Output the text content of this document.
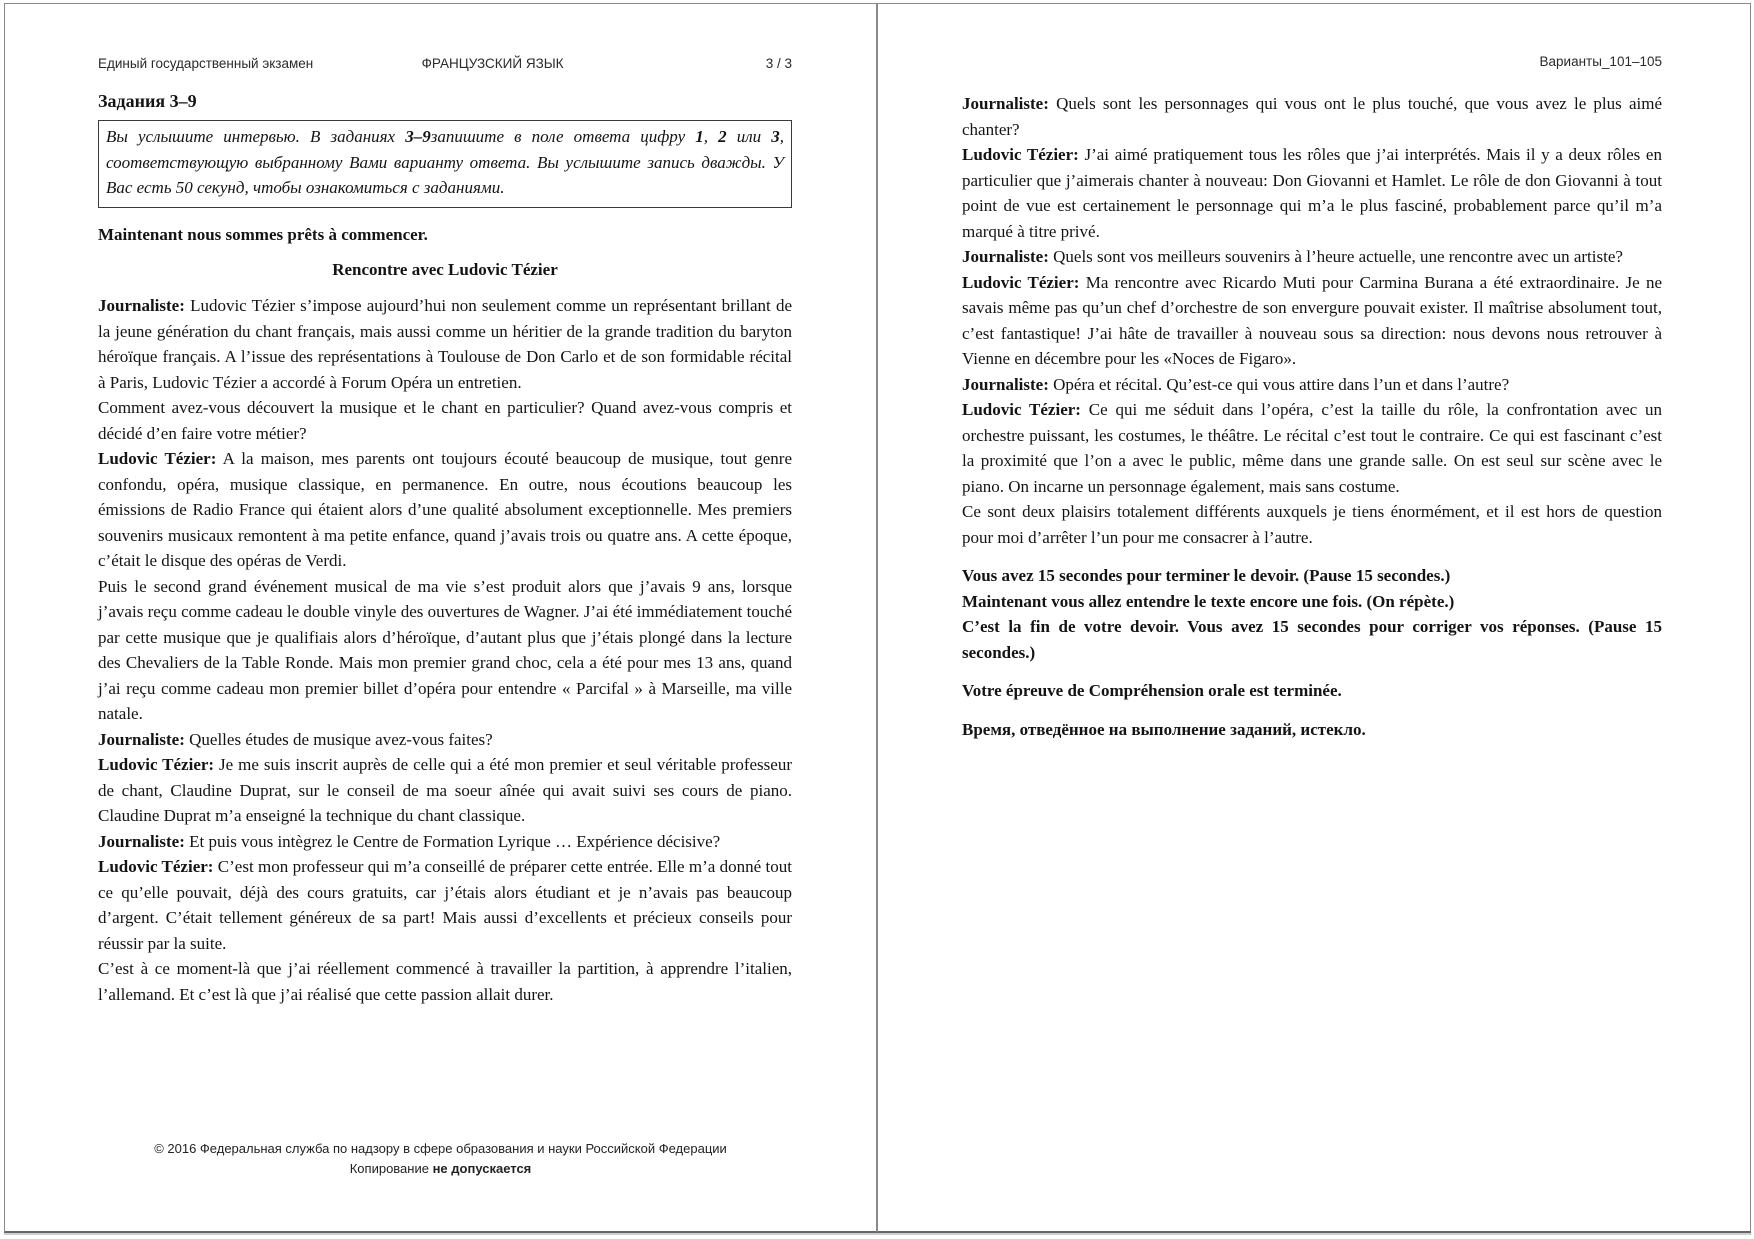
Единый государственный экзамен	ФРАНЦУЗСКИЙ ЯЗЫК	3 / 3
Задания 3–9
Вы услышите интервью. В заданиях 3–9запишите в поле ответа цифру 1, 2 или 3, соответствующую выбранному Вами варианту ответа. Вы услышите запись дважды. У Вас есть 50 секунд, чтобы ознакомиться с заданиями.

Maintenant nous sommes prêts à commencer.

Rencontre avec Ludovic Tézier

Journaliste: Ludovic Tézier s’impose aujourd’hui non seulement comme un représentant brillant de la jeune génération du chant français, mais aussi comme un héritier de la grande tradition du baryton héroïque français. A l’issue des représentations à Toulouse de Don Carlo et de son formidable récital à Paris, Ludovic Tézier a accordé à Forum Opéra un entretien.

Comment avez-vous découvert la musique et le chant en particulier? Quand avez-vous compris et décidé d’en faire votre métier?

Ludovic Tézier: A la maison, mes parents ont toujours écouté beaucoup de musique, tout genre confondu, opéra, musique classique, en permanence. En outre, nous écoutions beaucoup les émissions de Radio France qui étaient alors d’une qualité absolument exceptionnelle. Mes premiers souvenirs musicaux remontent à ma petite enfance, quand j’avais trois ou quatre ans. A cette époque, c’était le disque des opéras de Verdi.

Puis le second grand événement musical de ma vie s’est produit alors que j’avais 9 ans, lorsque j’avais reçu comme cadeau le double vinyle des ouvertures de Wagner. J’ai été immédiatement touché par cette musique que je qualifiais alors d’héroïque, d’autant plus que j’étais plongé dans la lecture des Chevaliers de la Table Ronde. Mais mon premier grand choc, cela a été pour mes 13 ans, quand j’ai reçu comme cadeau mon premier billet d’opéra pour entendre « Parcifal » à Marseille, ma ville natale.

Journaliste: Quelles études de musique avez-vous faites?

Ludovic Tézier: Je me suis inscrit auprès de celle qui a été mon premier et seul véritable professeur de chant, Claudine Duprat, sur le conseil de ma soeur aînée qui avait suivi ses cours de piano. Claudine Duprat m’a enseigné la technique du chant classique.

Journaliste: Et puis vous intègrez le Centre de Formation Lyrique … Expérience décisive?

Ludovic Tézier: C’est mon professeur qui m’a conseillé de préparer cette entrée. Elle m’a donné tout ce qu’elle pouvait, déjà des cours gratuits, car j’étais alors étudiant et je n’avais pas beaucoup d’argent. C’était tellement généreux de sa part! Mais aussi d’excellents et précieux conseils pour réussir par la suite.

C’est à ce moment-là que j’ai réellement commencé à travailler la partition, à apprendre l’italien, l’allemand. Et c’est là que j’ai réalisé que cette passion allait durer.

© 2016 Федеральная служба по надзору в сфере образования и науки Российской Федерации
Копирование не допускается
Варианты_101–105

Journaliste: Quels sont les personnages qui vous ont le plus touché, que vous avez le plus aimé chanter?

Ludovic Tézier: J’ai aimé pratiquement tous les rôles que j’ai interprétés. Mais il y a deux rôles en particulier que j’aimerais chanter à nouveau: Don Giovanni et Hamlet. Le rôle de don Giovanni à tout point de vue est certainement le personnage qui m’a le plus fasciné, probablement parce qu’il m’a marqué à titre privé.

Journaliste: Quels sont vos meilleurs souvenirs à l’heure actuelle, une rencontre avec un artiste?

Ludovic Tézier: Ma rencontre avec Ricardo Muti pour Carmina Burana a été extraordinaire. Je ne savais même pas qu’un chef d’orchestre de son envergure pouvait exister. Il maîtrise absolument tout, c’est fantastique! J’ai hâte de travailler à nouveau sous sa direction: nous devons nous retrouver à Vienne en décembre pour les «Noces de Figaro».

Journaliste: Opéra et récital. Qu’est-ce qui vous attire dans l’un et dans l’autre?

Ludovic Tézier: Ce qui me séduit dans l’opéra, c’est la taille du rôle, la confrontation avec un orchestre puissant, les costumes, le théâtre. Le récital c’est tout le contraire. Ce qui est fascinant c’est la proximité que l’on a avec le public, même dans une grande salle. On est seul sur scène avec le piano. On incarne un personnage également, mais sans costume.

Ce sont deux plaisirs totalement différents auxquels je tiens énormément, et il est hors de question pour moi d’arrêter l’un pour me consacrer à l’autre.

Vous avez 15 secondes pour terminer le devoir. (Pause 15 secondes.)

Maintenant vous allez entendre le texte encore une fois. (On répète.)

C’est la fin de votre devoir. Vous avez 15 secondes pour corriger vos réponses. (Pause 15 secondes.)

Votre épreuve de Compréhension orale est terminée.

Время, отведённое на выполнение заданий, истекло.
